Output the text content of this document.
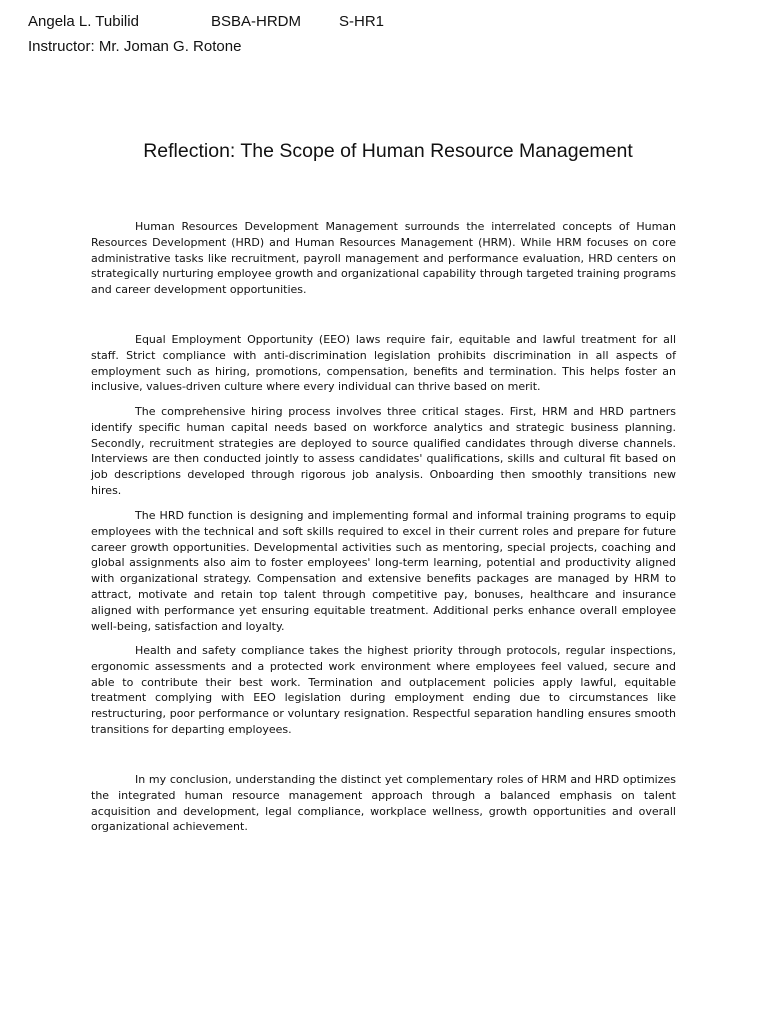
Angela L. Tubilid	BSBA-HRDM	S-HR1
Instructor: Mr. Joman G. Rotone
Reflection: The Scope of Human Resource Management

Human Resources Development Management surrounds the interrelated concepts of Human Resources Development (HRD) and Human Resources Management (HRM). While HRM focuses on core administrative tasks like recruitment, payroll management and performance evaluation, HRD centers on strategically nurturing employee growth and organizational capability through targeted training programs and career development opportunities.

Equal Employment Opportunity (EEO) laws require fair, equitable and lawful treatment for all staff. Strict compliance with anti-discrimination legislation prohibits discrimination in all aspects of employment such as hiring, promotions, compensation, benefits and termination. This helps foster an inclusive, values-driven culture where every individual can thrive based on merit.

The comprehensive hiring process involves three critical stages. First, HRM and HRD partners identify specific human capital needs based on workforce analytics and strategic business planning. Secondly, recruitment strategies are deployed to source qualified candidates through diverse channels. Interviews are then conducted jointly to assess candidates' qualifications, skills and cultural fit based on job descriptions developed through rigorous job analysis. Onboarding then smoothly transitions new hires.

The HRD function is designing and implementing formal and informal training programs to equip employees with the technical and soft skills required to excel in their current roles and prepare for future career growth opportunities. Developmental activities such as mentoring, special projects, coaching and global assignments also aim to foster employees' long-term learning, potential and productivity aligned with organizational strategy. Compensation and extensive benefits packages are managed by HRM to attract, motivate and retain top talent through competitive pay, bonuses, healthcare and insurance aligned with performance yet ensuring equitable treatment. Additional perks enhance overall employee well-being, satisfaction and loyalty.

Health and safety compliance takes the highest priority through protocols, regular inspections, ergonomic assessments and a protected work environment where employees feel valued, secure and able to contribute their best work. Termination and outplacement policies apply lawful, equitable treatment complying with EEO legislation during employment ending due to circumstances like restructuring, poor performance or voluntary resignation. Respectful separation handling ensures smooth transitions for departing employees.

In my conclusion, understanding the distinct yet complementary roles of HRM and HRD optimizes the integrated human resource management approach through a balanced emphasis on talent acquisition and development, legal compliance, workplace wellness, growth opportunities and overall organizational achievement.
